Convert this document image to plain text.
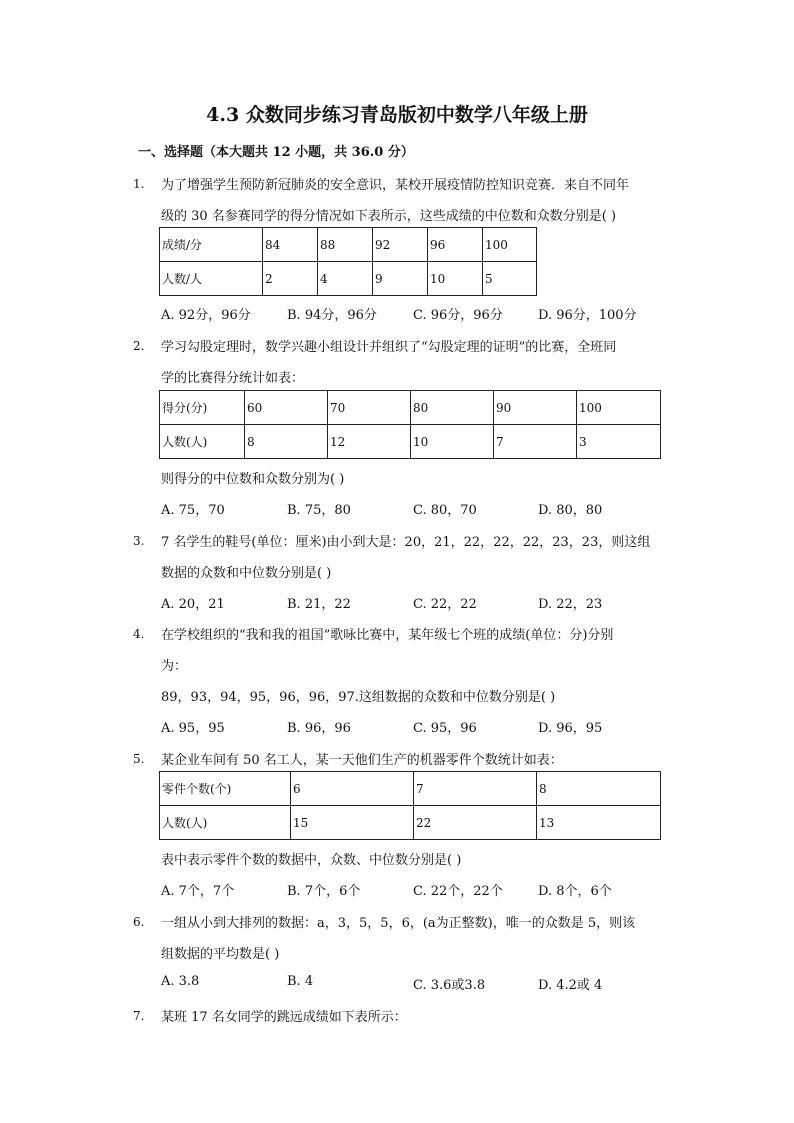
4.3 众数同步练习青岛版初中数学八年级上册
一、选择题（本大题共 12 小题，共 36.0 分）
1. 为了增强学生预防新冠肺炎的安全意识，某校开展疫情防控知识竞赛．来自不同年
级的 30 名参赛同学的得分情况如下表所示，这些成绩的中位数和众数分别是( )
成绩/分	84	88	92	96	100
人数/人	2	4	9	10	5
A. 92分，96分	B. 94分，96分	C. 96分，96分	D. 96分，100分
2. 学习勾股定理时，数学兴趣小组设计并组织了“勾股定理的证明”的比赛，全班同
学的比赛得分统计如表：
得分(分)	60	70	80	90	100
人数(人)	8	12	10	7	3
则得分的中位数和众数分别为( )
A. 75，70	B. 75，80	C. 80，70	D. 80，80
3. 7 名学生的鞋号(单位：厘米)由小到大是：20，21，22，22，22，23，23，则这组
数据的众数和中位数分别是( )
A. 20，21	B. 21，22	C. 22，22	D. 22，23
4. 在学校组织的“我和我的祖国”歌咏比赛中，某年级七个班的成绩(单位：分)分别
为：
89，93，94，95，96，96，97.这组数据的众数和中位数分别是( )
A. 95，95	B. 96，96	C. 95，96	D. 96，95
5. 某企业车间有 50 名工人，某一天他们生产的机器零件个数统计如表：
零件个数(个)	6	7	8
人数(人)	15	22	13
表中表示零件个数的数据中，众数、中位数分别是( )
A. 7个，7个	B. 7个，6个	C. 22个，22个	D. 8个，6个
6. 一组从小到大排列的数据：a，3，5，5，6，(a为正整数)，唯一的众数是 5，则该
组数据的平均数是( )
A. 3.8	B. 4	C. 3.6或3.8	D. 4.2或 4
7. 某班 17 名女同学的跳远成绩如下表所示：
